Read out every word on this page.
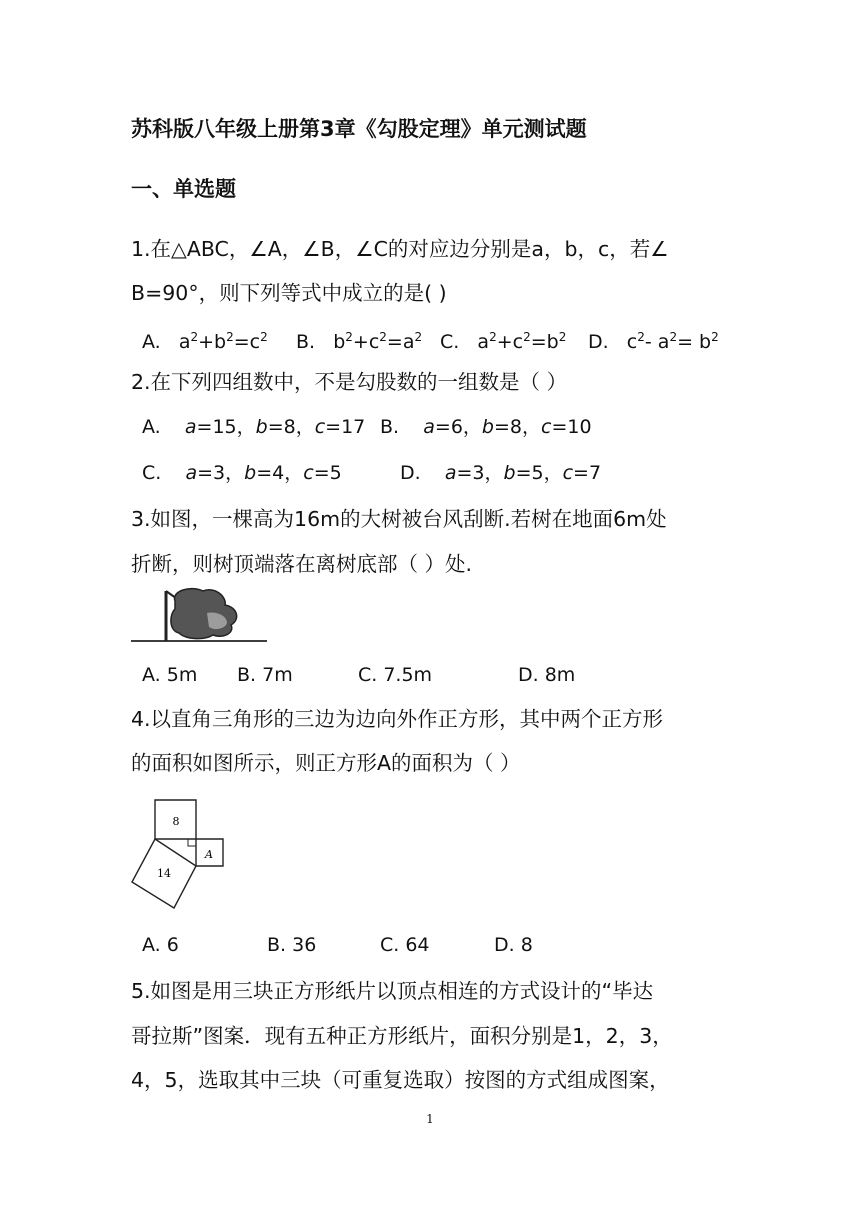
苏科版八年级上册第3章《勾股定理》单元测试题
一、单选题
1.在△ABC，∠A，∠B，∠C的对应边分别是a，b，c，若∠
B=90°，则下列等式中成立的是( )
A.   $a^2+b^2=c^2$ B.   $b^2+c^2=a^2$ C.   $a^2+c^2=b^2$ D.   $c^2-$ $a^2= b^2$
2.在下列四组数中，不是勾股数的一组数是（ ）
A. a=15，b=8，c=17 B. a=6，b=8，c=10
C. a=3，b=4，c=5	D. a=3，b=5，c=7
3.如图，一棵高为16m的大树被台风刮断.若树在地面6m处
折断，则树顶端落在离树底部（ ）处.
A. 5m B. 7m	C. 7.5m	D. 8m
4.以直角三角形的三边为边向外作正方形，其中两个正方形
的面积如图所示，则正方形A的面积为（ ）
8
14
A
A. 6	B. 36	C. 64	D. 8
5.如图是用三块正方形纸片以顶点相连的方式设计的“毕达
哥拉斯”图案．现有五种正方形纸片，面积分别是1，2，3，
4，5，选取其中三块（可重复选取）按图的方式组成图案，
1
